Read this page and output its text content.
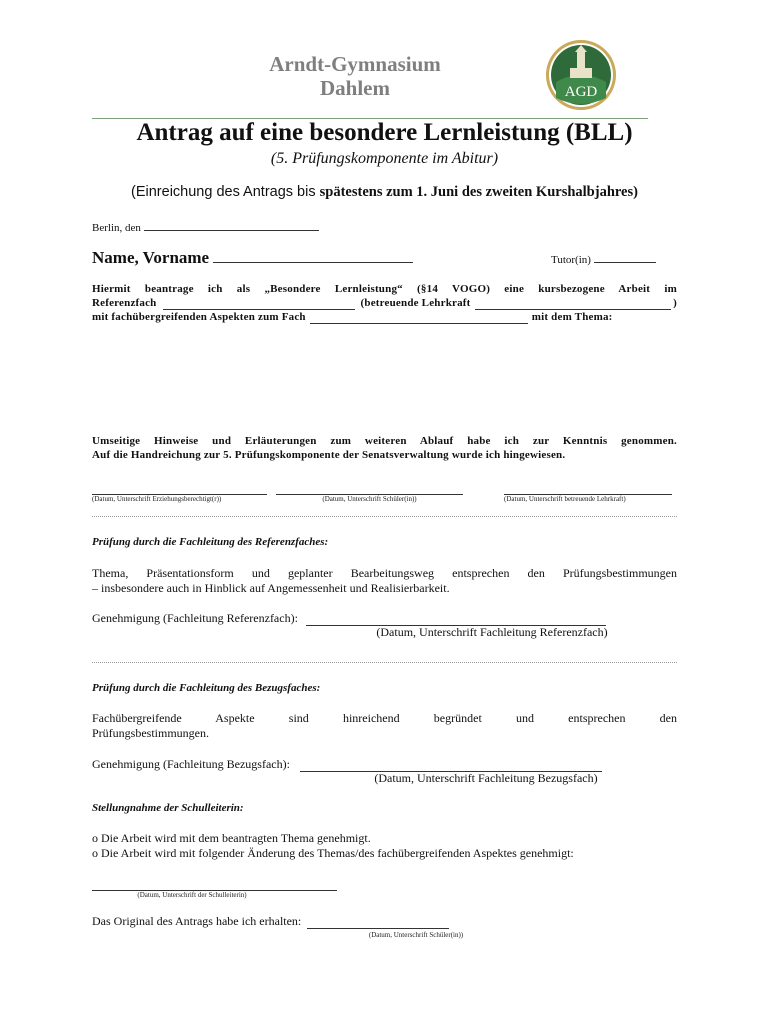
Arndt-Gymnasium
Dahlem	AGD
Antrag auf eine besondere Lernleistung (BLL)
(5. Prüfungskomponente im Abitur)
(Einreichung des Antrags bis spätestens zum 1. Juni des zweiten Kurshalbjahres)
Berlin, den
Name, Vorname	Tutor(in)
Hiermit beantrage ich als „Besondere Lernleistung“ (§14 VOGO) eine kursbezogene Arbeit im
Referenzfach	(betreuende Lehrkraft	)
mit fachübergreifenden Aspekten zum Fach	mit dem Thema:
Umseitige Hinweise und Erläuterungen zum weiteren Ablauf habe ich zur Kenntnis genommen.
Auf die Handreichung zur 5. Prüfungskomponente der Senatsverwaltung wurde ich hingewiesen.
(Datum, Unterschrift Erziehungsberechtigt(r))	(Datum, Unterschrift Schüler(in))	(Datum, Unterschrift betreuende Lehrkraft)
Prüfung durch die Fachleitung des Referenzfaches:
Thema, Präsentationsform und geplanter Bearbeitungsweg entsprechen den Prüfungsbestimmungen
– insbesondere auch in Hinblick auf Angemessenheit und Realisierbarkeit.
Genehmigung (Fachleitung Referenzfach):
(Datum, Unterschrift Fachleitung Referenzfach)
Prüfung durch die Fachleitung des Bezugsfaches:
Fachübergreifende Aspekte sind hinreichend begründet und entsprechen den
Prüfungsbestimmungen.
Genehmigung (Fachleitung Bezugsfach):
(Datum, Unterschrift Fachleitung Bezugsfach)
Stellungnahme der Schulleiterin:
o Die Arbeit wird mit dem beantragten Thema genehmigt.
o Die Arbeit wird mit folgender Änderung des Themas/des fachübergreifenden Aspektes genehmigt:
(Datum, Unterschrift der Schulleiterin)
Das Original des Antrags habe ich erhalten:
(Datum, Unterschrift Schüler(in))
